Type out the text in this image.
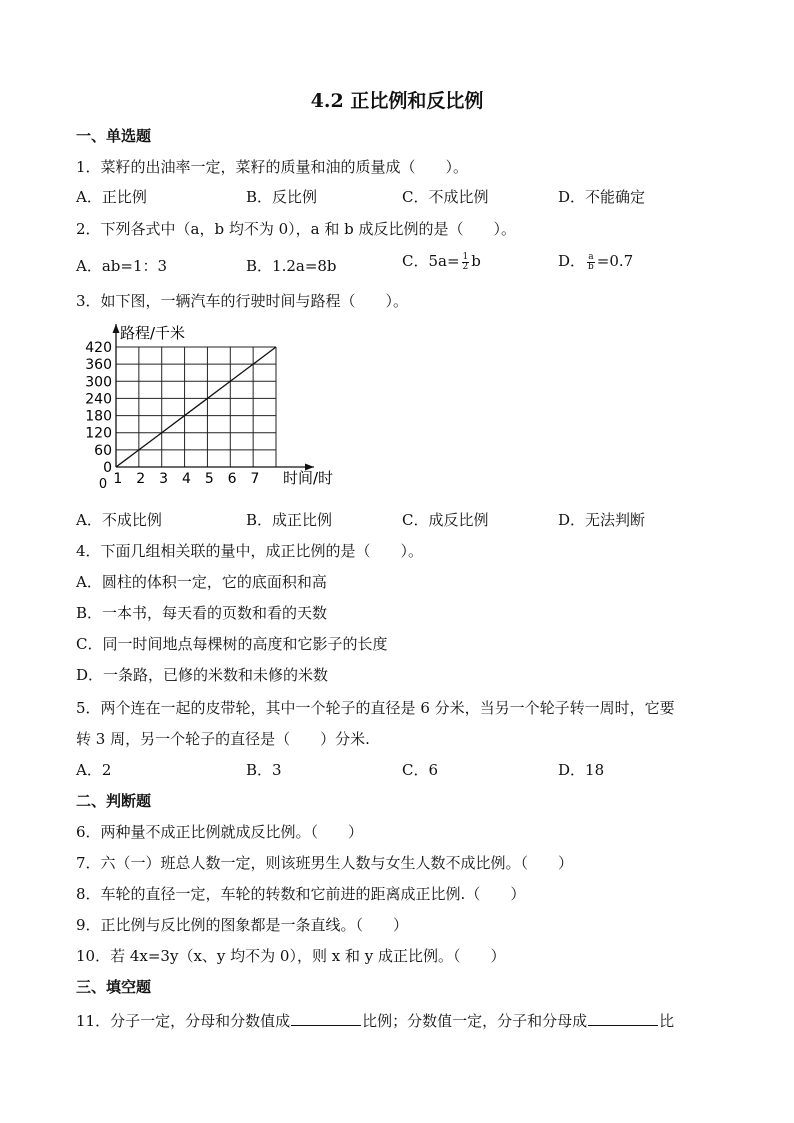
4.2 正比例和反比例
一、单选题
1．菜籽的出油率一定，菜籽的质量和油的质量成（　　）。
A．正比例	B．反比例	C．不成比例	D．不能确定
2．下列各式中（a，b 均不为 0），a 和 b 成反比例的是（　　）。
A．ab=1：3	B．1.2a=8b	C．$5a= \frac{1}{2}$ b	D． $\frac{a}{b} =0.7$
3．如下图，一辆汽车的行驶时间与路程（　　）。
0
60
120
180
240
300
360
420
1 2 3 4 5 6 7
路程/千米
时间/时
0
A．不成比例	B．成正比例	C．成反比例	D．无法判断
4．下面几组相关联的量中，成正比例的是（　　）。
A．圆柱的体积一定，它的底面积和高
B．一本书，每天看的页数和看的天数
C．同一时间地点每棵树的高度和它影子的长度
D．一条路，已修的米数和未修的米数
5．两个连在一起的皮带轮，其中一个轮子的直径是 6 分米，当另一个轮子转一周时，它要
转 3 周，另一个轮子的直径是（　　）分米.
A．2	B．3	C．6	D．18
二、判断题
6．两种量不成正比例就成反比例。（　　）
7．六（一）班总人数一定，则该班男生人数与女生人数不成比例。（　　）
8．车轮的直径一定，车轮的转数和它前进的距离成正比例.（　　）
9．正比例与反比例的图象都是一条直线。（　　）
10．若 4x=3y（x、y 均不为 0），则 x 和 y 成正比例。（　　）
三、填空题
11．分子一定，分母和分数值成	比例；分数值一定，分子和分母成	比
